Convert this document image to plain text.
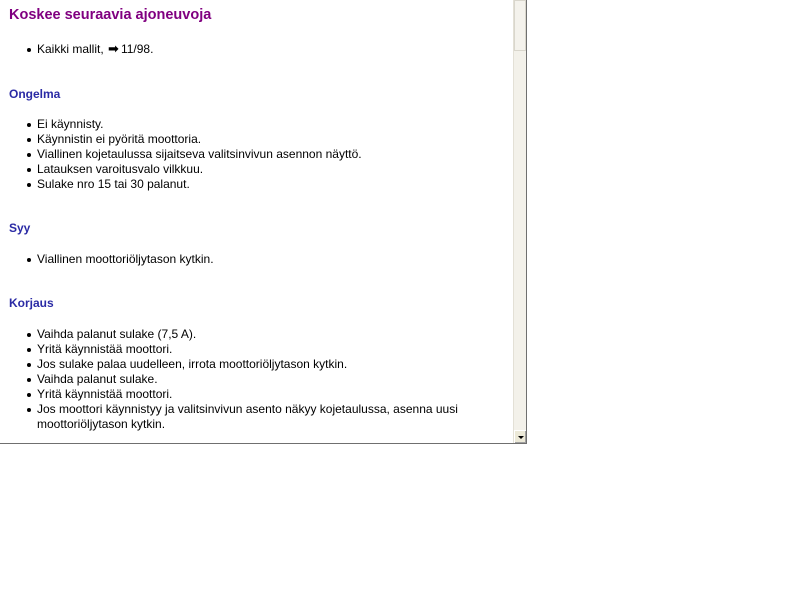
Koskee seuraavia ajoneuvoja
Kaikki mallit, ➡ 11/98.
Ongelma
Ei käynnisty.
Käynnistin ei pyöritä moottoria.
Viallinen kojetaulussa sijaitseva valitsinvivun asennon näyttö.
Latauksen varoitusvalo vilkkuu.
Sulake nro 15 tai 30 palanut.
Syy
Viallinen moottoriöljytason kytkin.
Korjaus
Vaihda palanut sulake (7,5 A).
Yritä käynnistää moottori.
Jos sulake palaa uudelleen, irrota moottoriöljytason kytkin.
Vaihda palanut sulake.
Yritä käynnistää moottori.
Jos moottori käynnistyy ja valitsinvivun asento näkyy kojetaulussa, asenna uusi moottoriöljytason kytkin.
